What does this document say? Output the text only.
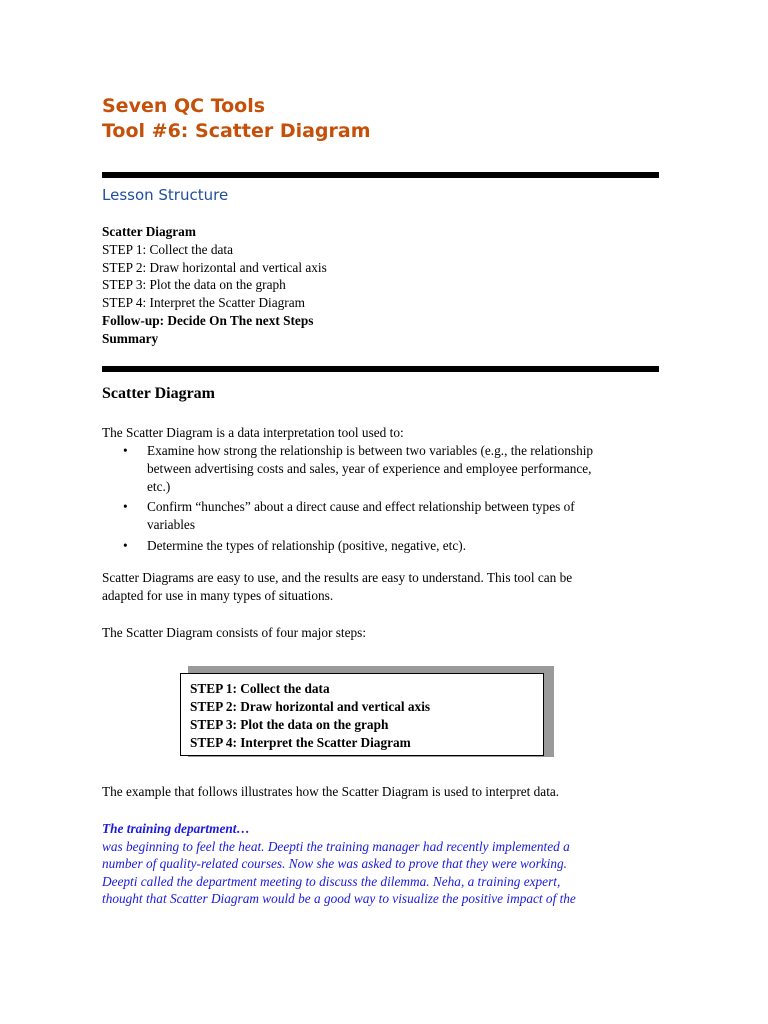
Seven QC Tools
Tool #6: Scatter Diagram
Lesson Structure
Scatter Diagram
STEP 1: Collect the data
STEP 2: Draw horizontal and vertical axis
STEP 3: Plot the data on the graph
STEP 4: Interpret the Scatter Diagram
Follow-up: Decide On The next Steps
Summary
Scatter Diagram
The Scatter Diagram is a data interpretation tool used to:
• Examine how strong the relationship is between two variables (e.g., the relationship
between advertising costs and sales, year of experience and employee performance,
etc.)
• Confirm “hunches” about a direct cause and effect relationship between types of
variables
• Determine the types of relationship (positive, negative, etc).
Scatter Diagrams are easy to use, and the results are easy to understand. This tool can be
adapted for use in many types of situations.
The Scatter Diagram consists of four major steps:
STEP 1: Collect the data
STEP 2: Draw horizontal and vertical axis
STEP 3: Plot the data on the graph
STEP 4: Interpret the Scatter Diagram
The example that follows illustrates how the Scatter Diagram is used to interpret data.
The training department…
was beginning to feel the heat. Deepti the training manager had recently implemented a
number of quality-related courses. Now she was asked to prove that they were working.
Deepti called the department meeting to discuss the dilemma. Neha, a training expert,
thought that Scatter Diagram would be a good way to visualize the positive impact of the
